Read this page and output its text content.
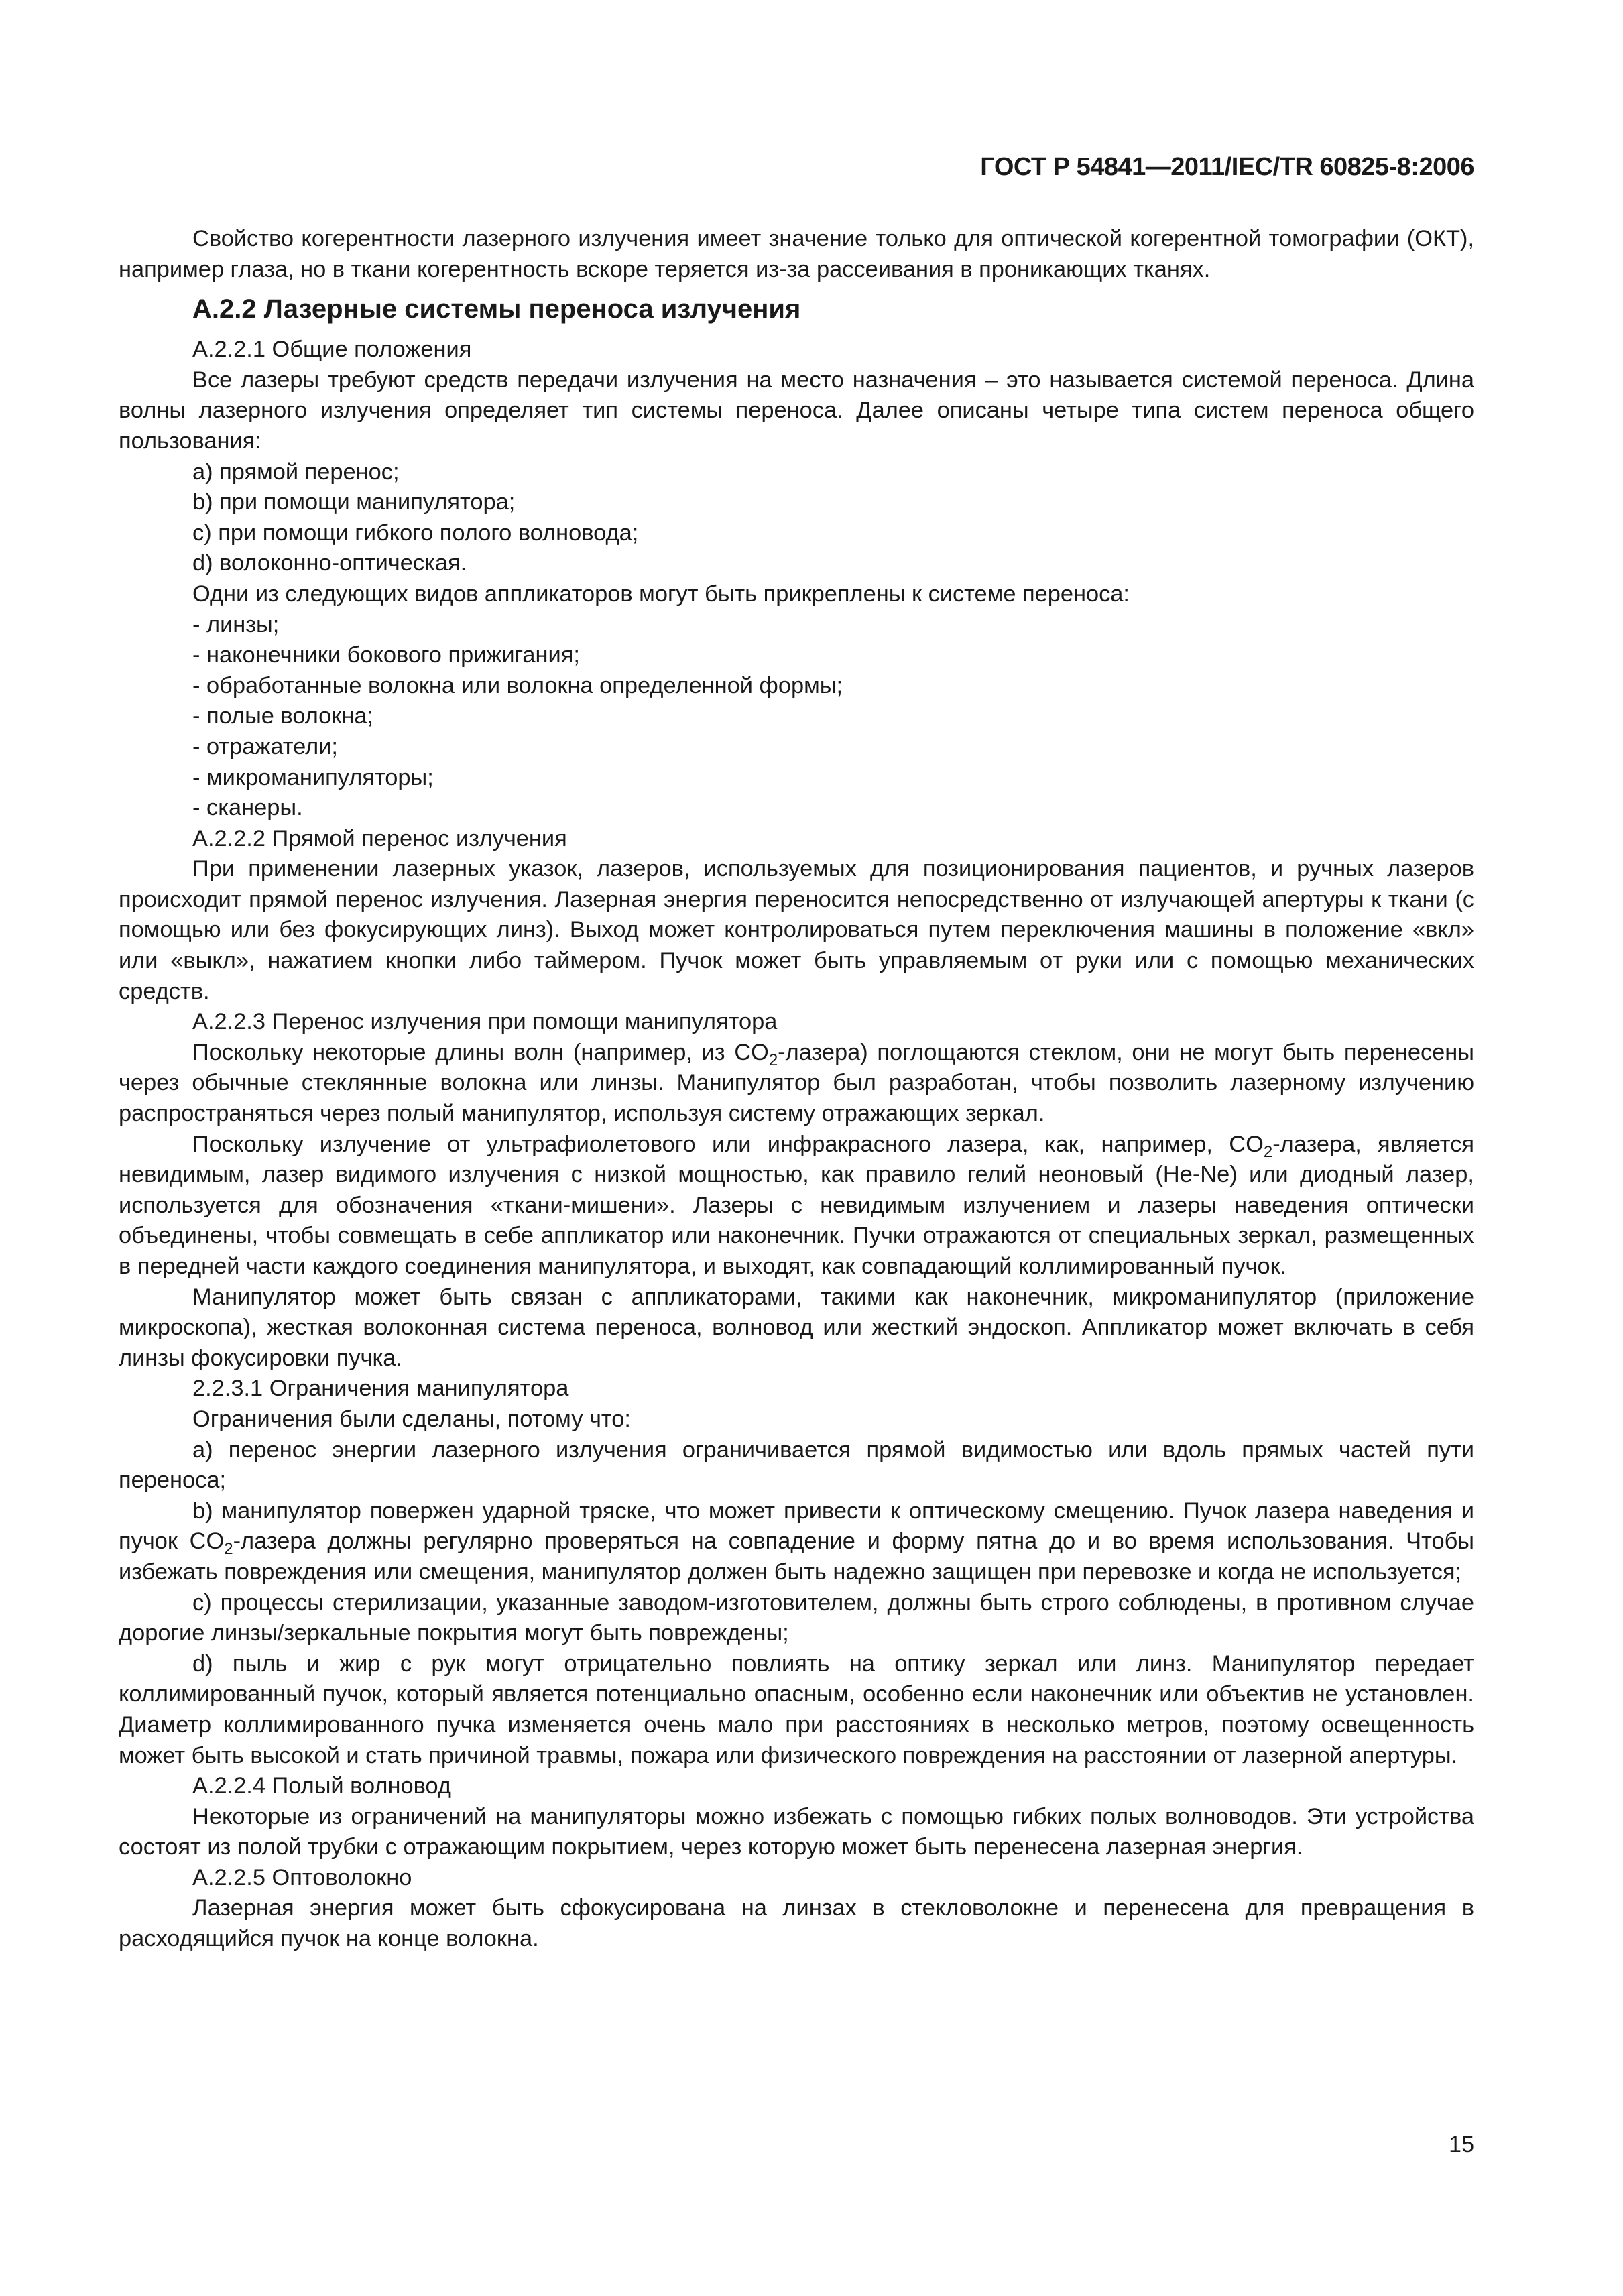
ГОСТ Р 54841—2011/IEC/TR 60825-8:2006

Свойство когерентности лазерного излучения имеет значение только для оптической когерентной томографии (ОКТ), например глаза, но в ткани когерентность вскоре теряется из-за рассеивания в проникающих тканях.

А.2.2 Лазерные системы переноса излучения

А.2.2.1 Общие положения

Все лазеры требуют средств передачи излучения на место назначения – это называется системой переноса. Длина волны лазерного излучения определяет тип системы переноса. Далее описаны четыре типа систем переноса общего пользования:

а) прямой перенос;

b) при помощи манипулятора;

c) при помощи гибкого полого волновода;

d) волоконно-оптическая.

Одни из следующих видов аппликаторов могут быть прикреплены к системе переноса:

- линзы;

- наконечники бокового прижигания;

- обработанные волокна или волокна определенной формы;

- полые волокна;

- отражатели;

- микроманипуляторы;

- сканеры.

А.2.2.2 Прямой перенос излучения

При применении лазерных указок, лазеров, используемых для позиционирования пациентов, и ручных лазеров происходит прямой перенос излучения. Лазерная энергия переносится непосредственно от излучающей апертуры к ткани (с помощью или без фокусирующих линз). Выход может контролироваться путем переключения машины в положение «вкл» или «выкл», нажатием кнопки либо таймером. Пучок может быть управляемым от руки или с помощью механических средств.

А.2.2.3 Перенос излучения при помощи манипулятора

Поскольку некоторые длины волн (например, из $CO_2-лазера$) поглощаются стеклом, они не могут быть перенесены через обычные стеклянные волокна или линзы. Манипулятор был разработан, чтобы позволить лазерному излучению распространяться через полый манипулятор, используя систему отражающих зеркал.

Поскольку излучение от ультрафиолетового или инфракрасного лазера, как, например, $CO_2$-лазера, является невидимым, лазер видимого излучения с низкой мощностью, как правило гелий неоновый (He-Ne) или диодный лазер, используется для обозначения «ткани-мишени». Лазеры с невидимым излучением и лазеры наведения оптически объединены, чтобы совмещать в себе аппликатор или наконечник. Пучки отражаются от специальных зеркал, размещенных в передней части каждого соединения манипулятора, и выходят, как совпадающий коллимированный пучок.

Манипулятор может быть связан с аппликаторами, такими как наконечник, микроманипулятор (приложение микроскопа), жесткая волоконная система переноса, волновод или жесткий эндоскоп. Аппликатор может включать в себя линзы фокусировки пучка.

2.2.3.1 Ограничения манипулятора

Ограничения были сделаны, потому что:

а) перенос энергии лазерного излучения ограничивается прямой видимостью или вдоль прямых частей пути переноса;

b) манипулятор повержен ударной тряске, что может привести к оптическому смещению. Пучок лазера наведения и пучок $CO_2$-лазера должны регулярно проверяться на совпадение и форму пятна до и во время использования. Чтобы избежать повреждения или смещения, манипулятор должен быть надежно защищен при перевозке и когда не используется;

c) процессы стерилизации, указанные заводом-изготовителем, должны быть строго соблюдены, в противном случае дорогие линзы/зеркальные покрытия могут быть повреждены;

d) пыль и жир с рук могут отрицательно повлиять на оптику зеркал или линз. Манипулятор передает коллимированный пучок, который является потенциально опасным, особенно если наконечник или объектив не установлен. Диаметр коллимированного пучка изменяется очень мало при расстояниях в несколько метров, поэтому освещенность может быть высокой и стать причиной травмы, пожара или физического повреждения на расстоянии от лазерной апертуры.

А.2.2.4 Полый волновод

Некоторые из ограничений на манипуляторы можно избежать с помощью гибких полых волноводов. Эти устройства состоят из полой трубки с отражающим покрытием, через которую может быть перенесена лазерная энергия.

А.2.2.5 Оптоволокно

Лазерная энергия может быть сфокусирована на линзах в стекловолокне и перенесена для превращения в расходящийся пучок на конце волокна.

15
